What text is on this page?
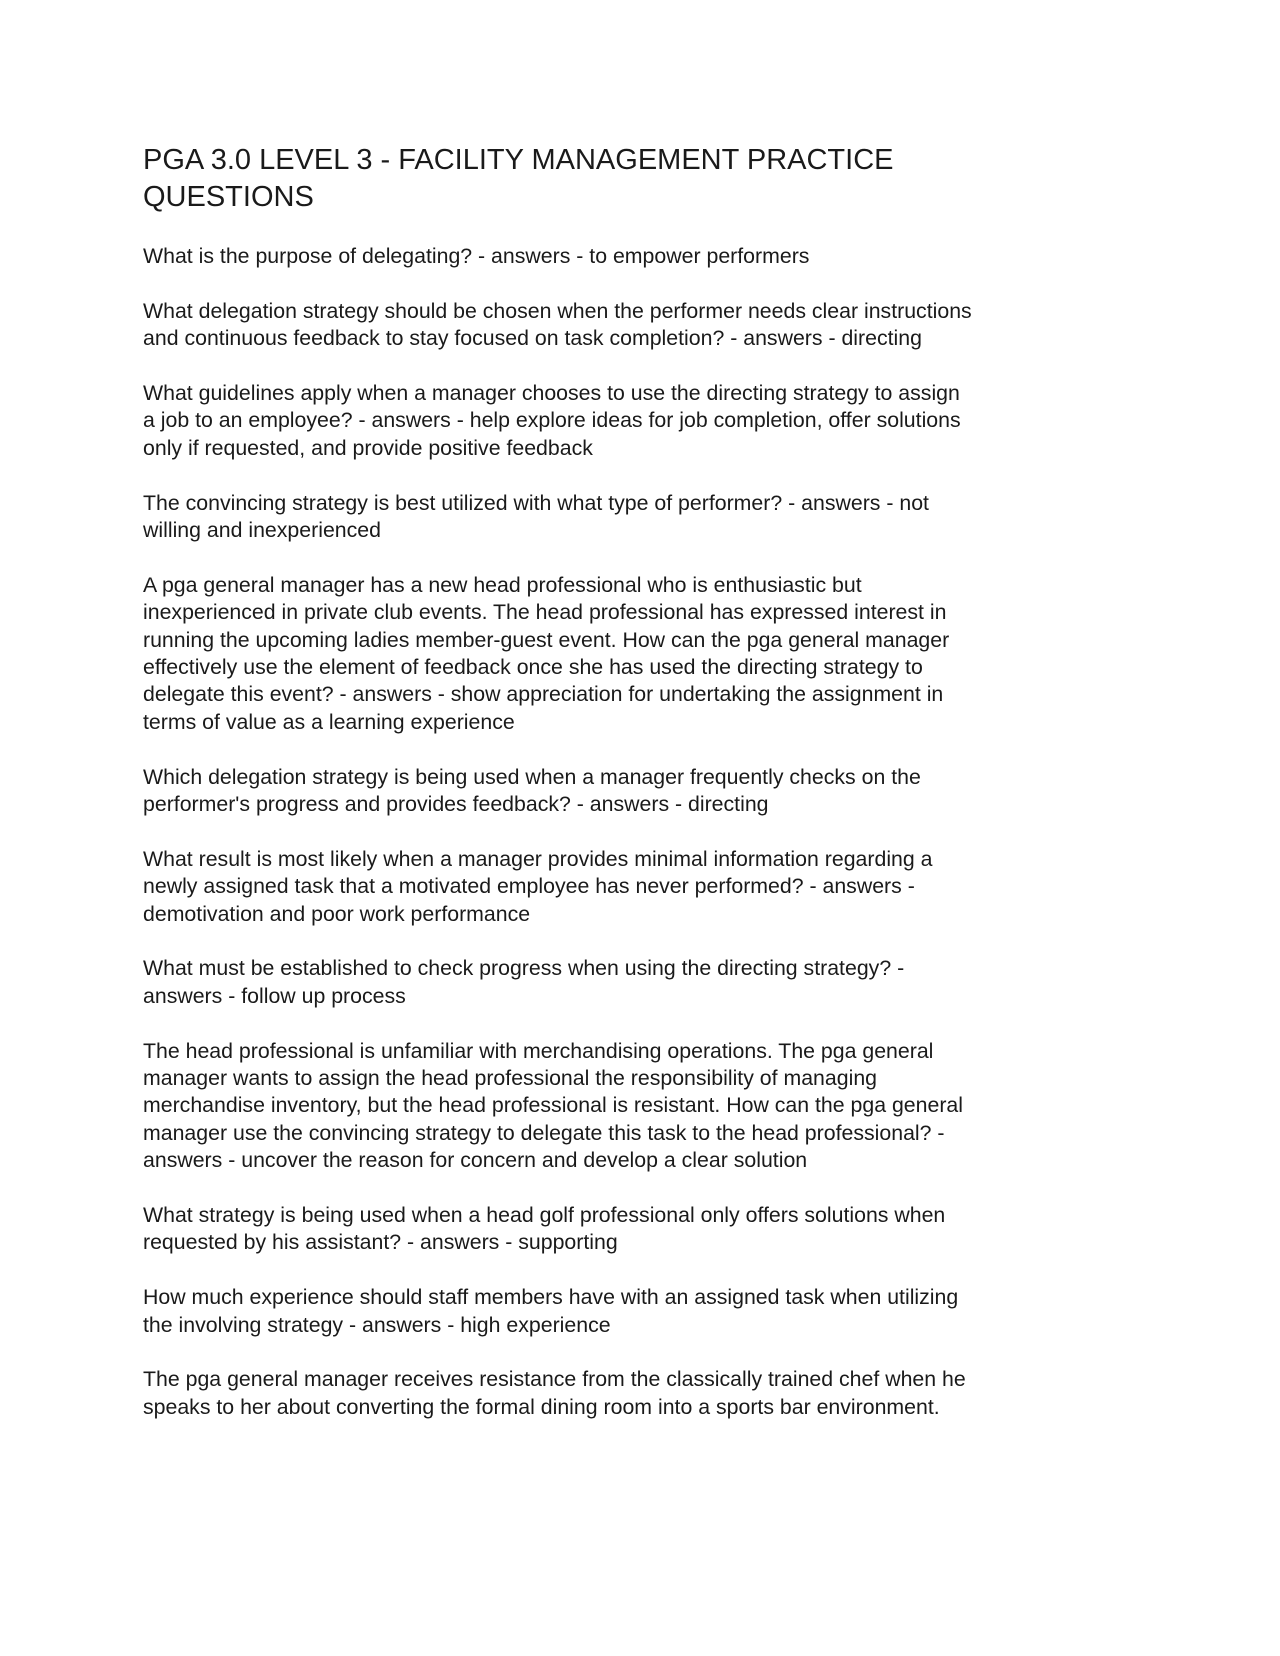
PGA 3.0 LEVEL 3 - FACILITY MANAGEMENT PRACTICE
QUESTIONS

What is the purpose of delegating? - answers - to empower performers

What delegation strategy should be chosen when the performer needs clear instructions
and continuous feedback to stay focused on task completion? - answers - directing

What guidelines apply when a manager chooses to use the directing strategy to assign
a job to an employee? - answers - help explore ideas for job completion, offer solutions
only if requested, and provide positive feedback

The convincing strategy is best utilized with what type of performer? - answers - not
willing and inexperienced

A pga general manager has a new head professional who is enthusiastic but
inexperienced in private club events. The head professional has expressed interest in
running the upcoming ladies member-guest event. How can the pga general manager
effectively use the element of feedback once she has used the directing strategy to
delegate this event? - answers - show appreciation for undertaking the assignment in
terms of value as a learning experience

Which delegation strategy is being used when a manager frequently checks on the
performer's progress and provides feedback? - answers - directing

What result is most likely when a manager provides minimal information regarding a
newly assigned task that a motivated employee has never performed? - answers -
demotivation and poor work performance

What must be established to check progress when using the directing strategy? -
answers - follow up process

The head professional is unfamiliar with merchandising operations. The pga general
manager wants to assign the head professional the responsibility of managing
merchandise inventory, but the head professional is resistant. How can the pga general
manager use the convincing strategy to delegate this task to the head professional? -
answers - uncover the reason for concern and develop a clear solution

What strategy is being used when a head golf professional only offers solutions when
requested by his assistant? - answers - supporting

How much experience should staff members have with an assigned task when utilizing
the involving strategy - answers - high experience

The pga general manager receives resistance from the classically trained chef when he
speaks to her about converting the formal dining room into a sports bar environment.
